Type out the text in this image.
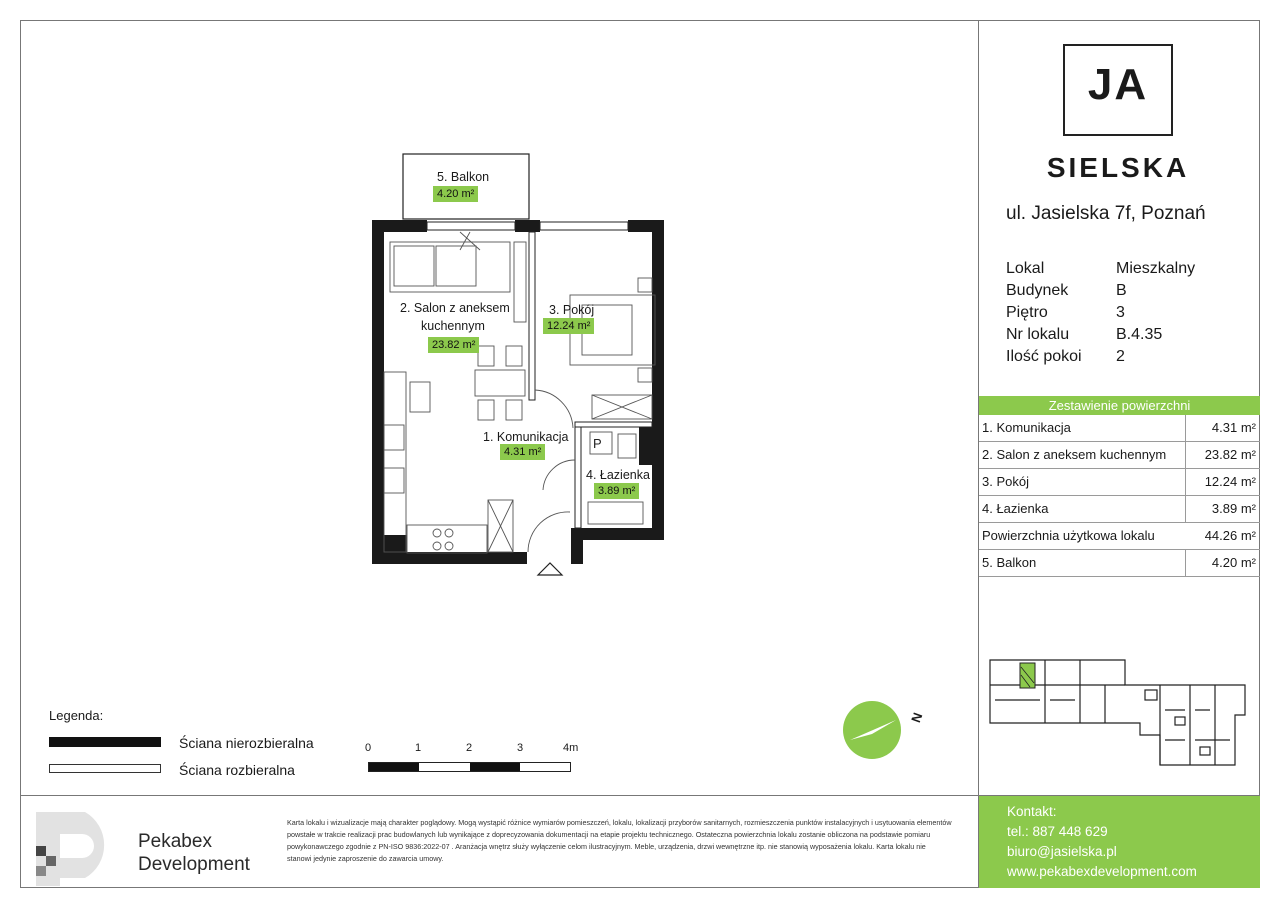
JA
SIELSKA
ul. Jasielska 7f, Poznań
Lokal	Mieszkalny
Budynek	B
Piętro	3
Nr lokalu	B.4.35
Ilość pokoi	2
Zestawienie powierzchni
1. Komunikacja	4.31 m²
2. Salon z aneksem kuchennym	23.82 m²
3. Pokój	12.24 m²
4. Łazienka	3.89 m²
Powierzchnia użytkowa lokalu	44.26 m²
5. Balkon	4.20 m²
Kontakt:
tel.: 887 448 629
biuro@jasielska.pl
www.pekabexdevelopment.com
P
5. Balkon
4.20 m²
2. Salon z aneksem
kuchennym
23.82 m²
3. Pokój
12.24 m²
1. Komunikacja
4.31 m²
4. Łazienka
3.89 m²
Legenda:
Ściana nierozbieralna
Ściana rozbieralna
0	1	2	3	4m
N
Pekabex
Development
Karta lokalu i wizualizacje mają charakter poglądowy. Mogą wystąpić różnice wymiarów pomieszczeń, lokalu, lokalizacji przyborów sanitarnych, rozmieszczenia punktów instalacyjnych i usytuowania elementów powstałe w trakcie realizacji prac budowlanych lub wynikające z doprecyzowania dokumentacji na etapie projektu technicznego. Ostateczna powierzchnia lokalu zostanie obliczona na podstawie pomiaru powykonawczego zgodnie z PN-ISO 9836:2022-07 . Aranżacja wnętrz służy wyłączenie celom ilustracyjnym. Meble, urządzenia, drzwi wewnętrzne itp. nie stanowią wyposażenia lokalu. Karta lokalu nie stanowi jedynie zaproszenie do zawarcia umowy.
